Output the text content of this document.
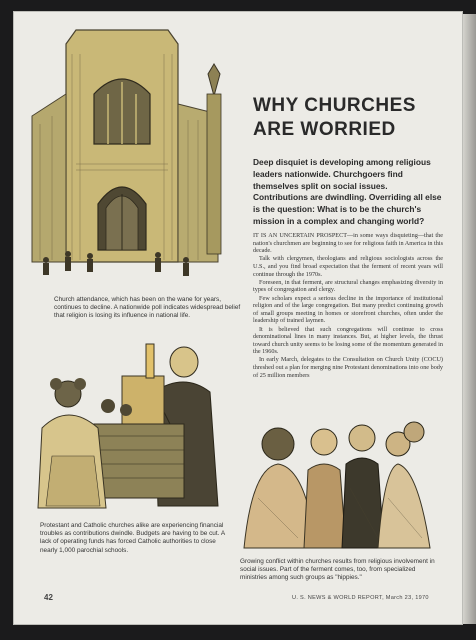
Church attendance, which has been on the wane for years, continues to decline. A nationwide poll indicates widespread belief that religion is losing its influence in national life.
WHY CHURCHES
ARE WORRIED
Deep disquiet is developing among religious leaders nationwide. Churchgoers find themselves split on social issues. Contributions are dwindling. Overriding all else is the question: What is to be the church's mission in a complex and changing world?

IT IS AN UNCERTAIN PROSPECT—in some ways disquieting—that the nation's churchmen are beginning to see for religious faith in America in this decade.

Talk with clergymen, theologians and religious sociologists across the U.S., and you find broad expectation that the ferment of recent years will continue through the 1970s.

Foreseen, in that ferment, are structural changes emphasizing diversity in types of congregation and clergy.

Few scholars expect a serious decline in the importance of institutional religion and of the large congregation. But many predict continuing growth of small groups meeting in homes or storefront churches, often under the leadership of trained laymen.

It is believed that such congregations will continue to cross denominational lines in many instances. But, at higher levels, the thrust toward church unity seems to be losing some of the momentum generated in the 1960s.

In early March, delegates to the Consultation on Church Unity (COCU) threshed out a plan for merging nine Protestant denominations into one body of 25 million members

Protestant and Catholic churches alike are experiencing financial troubles as contributions dwindle. Budgets are having to be cut. A lack of operating funds has forced Catholic authorities to close nearly 1,000 parochial schools.
Growing conflict within churches results from religious involvement in social issues. Part of the ferment comes, too, from specialized ministries among such groups as "hippies."
42	U. S. NEWS & WORLD REPORT, March 23, 1970
